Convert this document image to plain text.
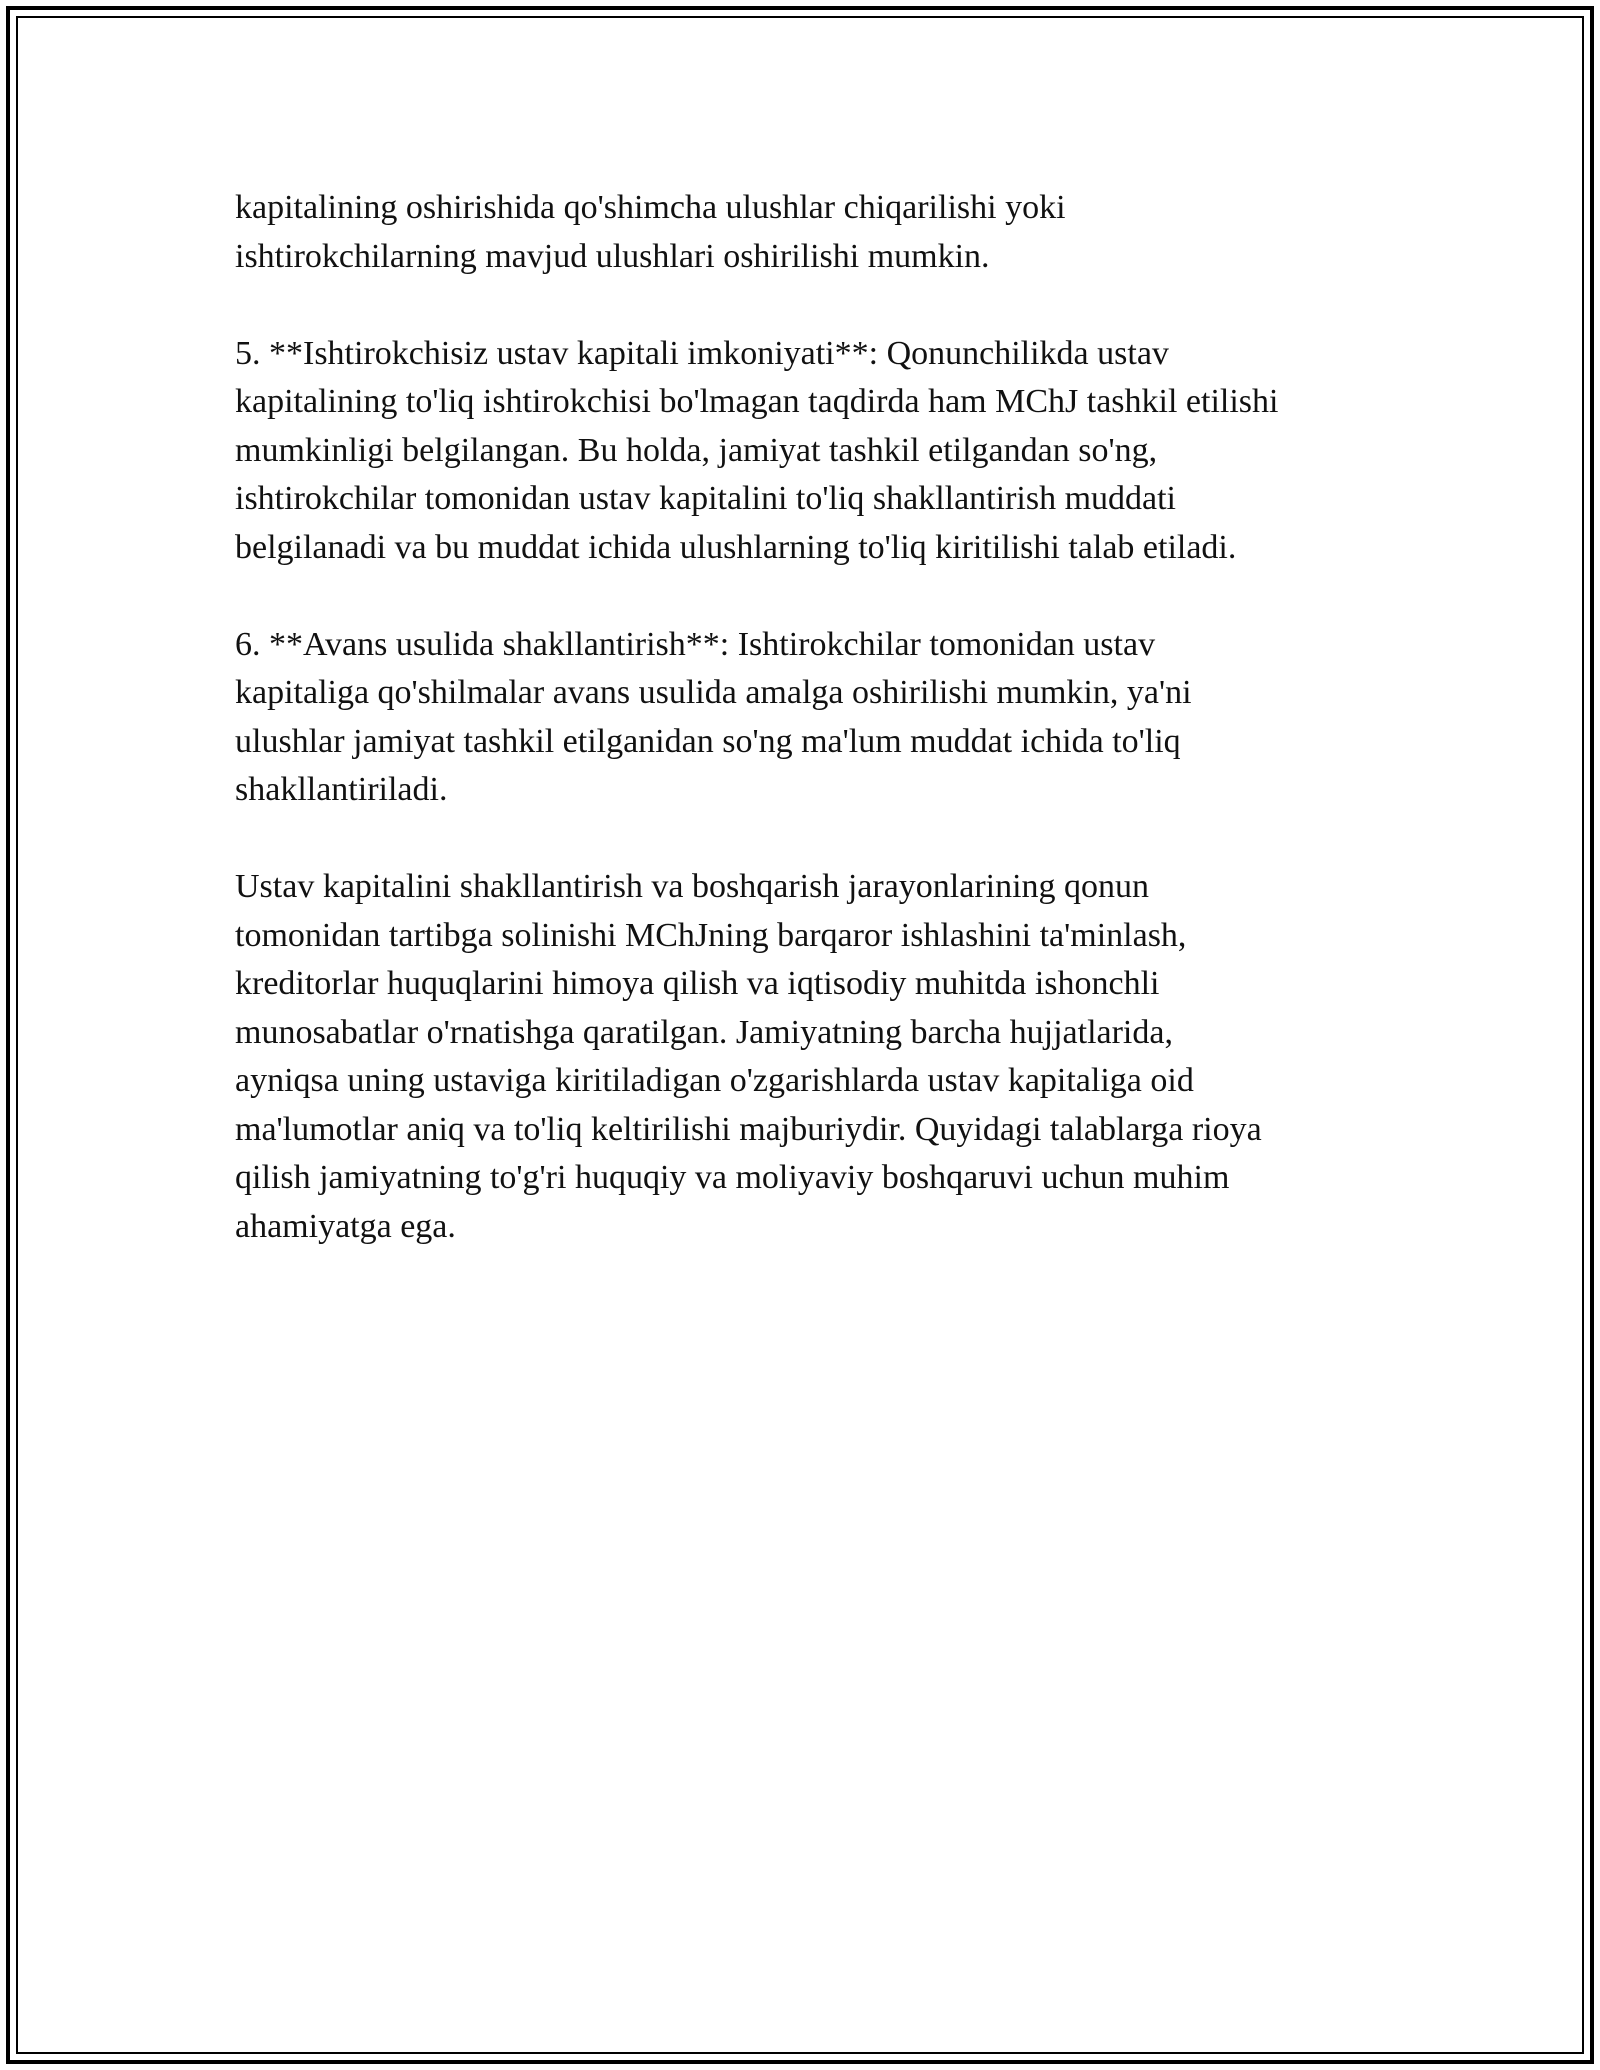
kapitalining oshirishida qo'shimcha ulushlar chiqarilishi yoki
ishtirokchilarning mavjud ulushlari oshirilishi mumkin.

5. **Ishtirokchisiz ustav kapitali imkoniyati**: Qonunchilikda ustav
kapitalining to'liq ishtirokchisi bo'lmagan taqdirda ham MChJ tashkil etilishi
mumkinligi belgilangan. Bu holda, jamiyat tashkil etilgandan so'ng,
ishtirokchilar tomonidan ustav kapitalini to'liq shakllantirish muddati
belgilanadi va bu muddat ichida ulushlarning to'liq kiritilishi talab etiladi.

6. **Avans usulida shakllantirish**: Ishtirokchilar tomonidan ustav
kapitaliga qo'shilmalar avans usulida amalga oshirilishi mumkin, ya'ni
ulushlar jamiyat tashkil etilganidan so'ng ma'lum muddat ichida to'liq
shakllantiriladi.

Ustav kapitalini shakllantirish va boshqarish jarayonlarining qonun
tomonidan tartibga solinishi MChJning barqaror ishlashini ta'minlash,
kreditorlar huquqlarini himoya qilish va iqtisodiy muhitda ishonchli
munosabatlar o'rnatishga qaratilgan. Jamiyatning barcha hujjatlarida,
ayniqsa uning ustaviga kiritiladigan o'zgarishlarda ustav kapitaliga oid
ma'lumotlar aniq va to'liq keltirilishi majburiydir. Quyidagi talablarga rioya
qilish jamiyatning to'g'ri huquqiy va moliyaviy boshqaruvi uchun muhim
ahamiyatga ega.
